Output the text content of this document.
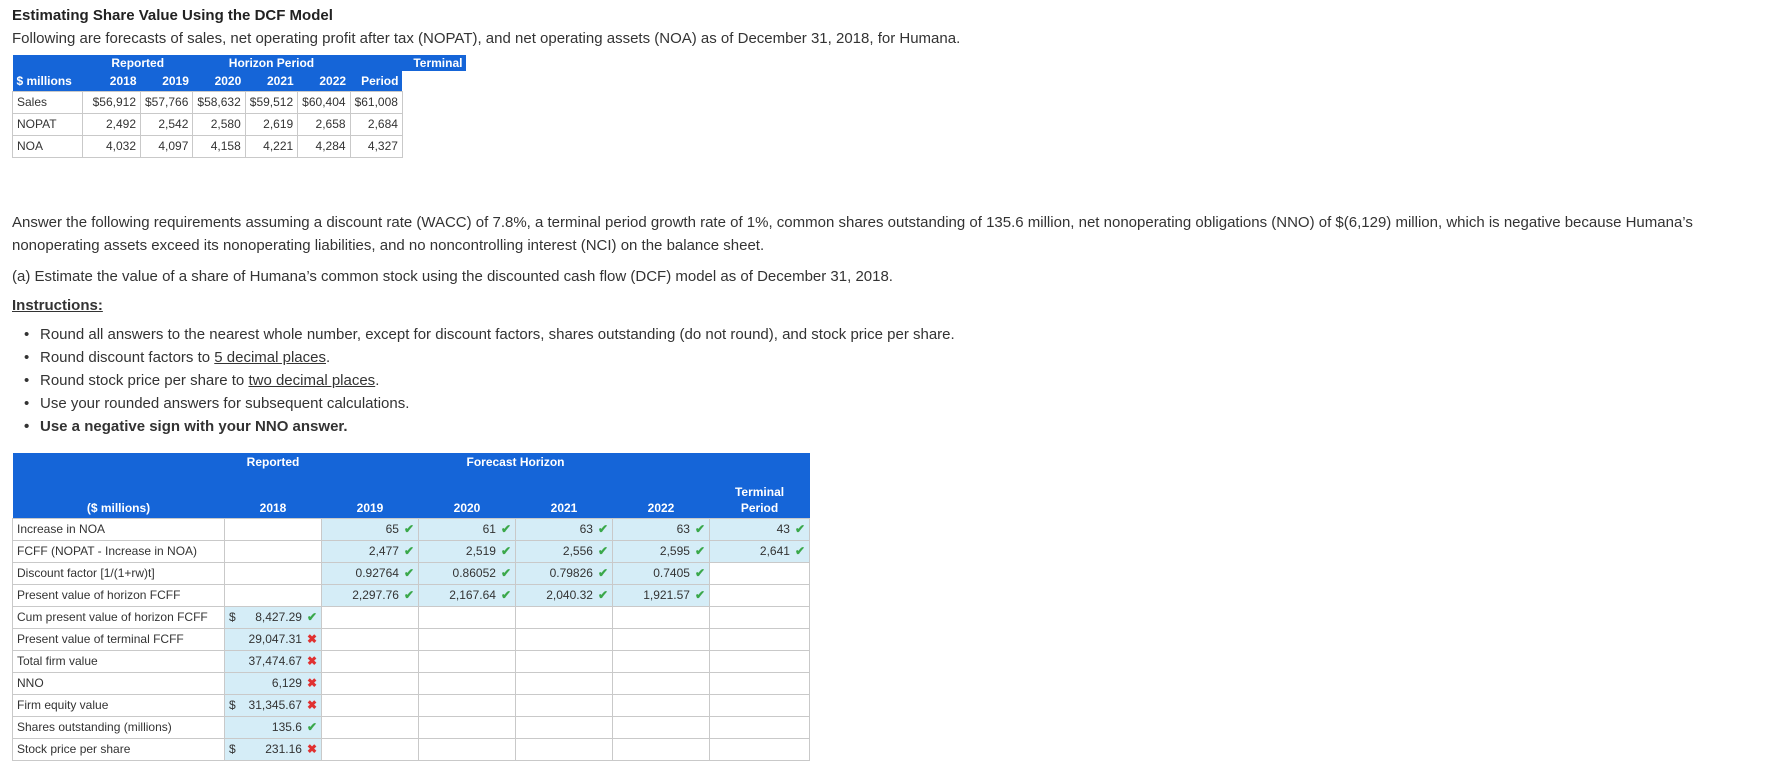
Estimating Share Value Using the DCF Model
Following are forecasts of sales, net operating profit after tax (NOPAT), and net operating assets (NOA) as of December 31, 2018, for Humana.
	Reported		Horizon Period				Terminal
$ millions	2018	2019	2020	2021	2022	Period	
Sales	$56,912	$57,766	$58,632	$59,512	$60,404	$61,008	
NOPAT	2,492	2,542	2,580	2,619	2,658	2,684	
NOA	4,032	4,097	4,158	4,221	4,284	4,327	
Answer the following requirements assuming a discount rate (WACC) of 7.8%, a terminal period growth rate of 1%, common shares outstanding of 135.6 million, net nonoperating obligations (NNO) of $(6,129) million, which is negative because Humana’s nonoperating assets exceed its nonoperating liabilities, and no noncontrolling interest (NCI) on the balance sheet.
(a) Estimate the value of a share of Humana’s common stock using the discounted cash flow (DCF) model as of December 31, 2018.
Instructions:
• Round all answers to the nearest whole number, except for discount factors, shares outstanding (do not round), and stock price per share.
• Round discount factors to 5 decimal places.
• Round stock price per share to two decimal places.
• Use your rounded answers for subsequent calculations.
• Use a negative sign with your NNO answer.
	Reported		Forecast Horizon			Terminal
($ millions)	2018	2019	2020	2021	2022	Period
Increase in NOA		65 ✔	61 ✔	63 ✔	63 ✔	43 ✔
FCFF (NOPAT - Increase in NOA)		2,477 ✔	2,519 ✔	2,556 ✔	2,595 ✔	2,641 ✔
Discount factor [1/(1+rw)t]		0.92764 ✔	0.86052 ✔	0.79826 ✔	0.7405 ✔	
Present value of horizon FCFF		2,297.76 ✔	2,167.64 ✔	2,040.32 ✔	1,921.57 ✔	
Cum present value of horizon FCFF	$ 8,427.29 ✔					
Present value of terminal FCFF	29,047.31 ✖					
Total firm value	37,474.67 ✖					
NNO	6,129 ✖					
Firm equity value	$ 31,345.67 ✖					
Shares outstanding (millions)	135.6 ✔					
Stock price per share	$ 231.16 ✖					
